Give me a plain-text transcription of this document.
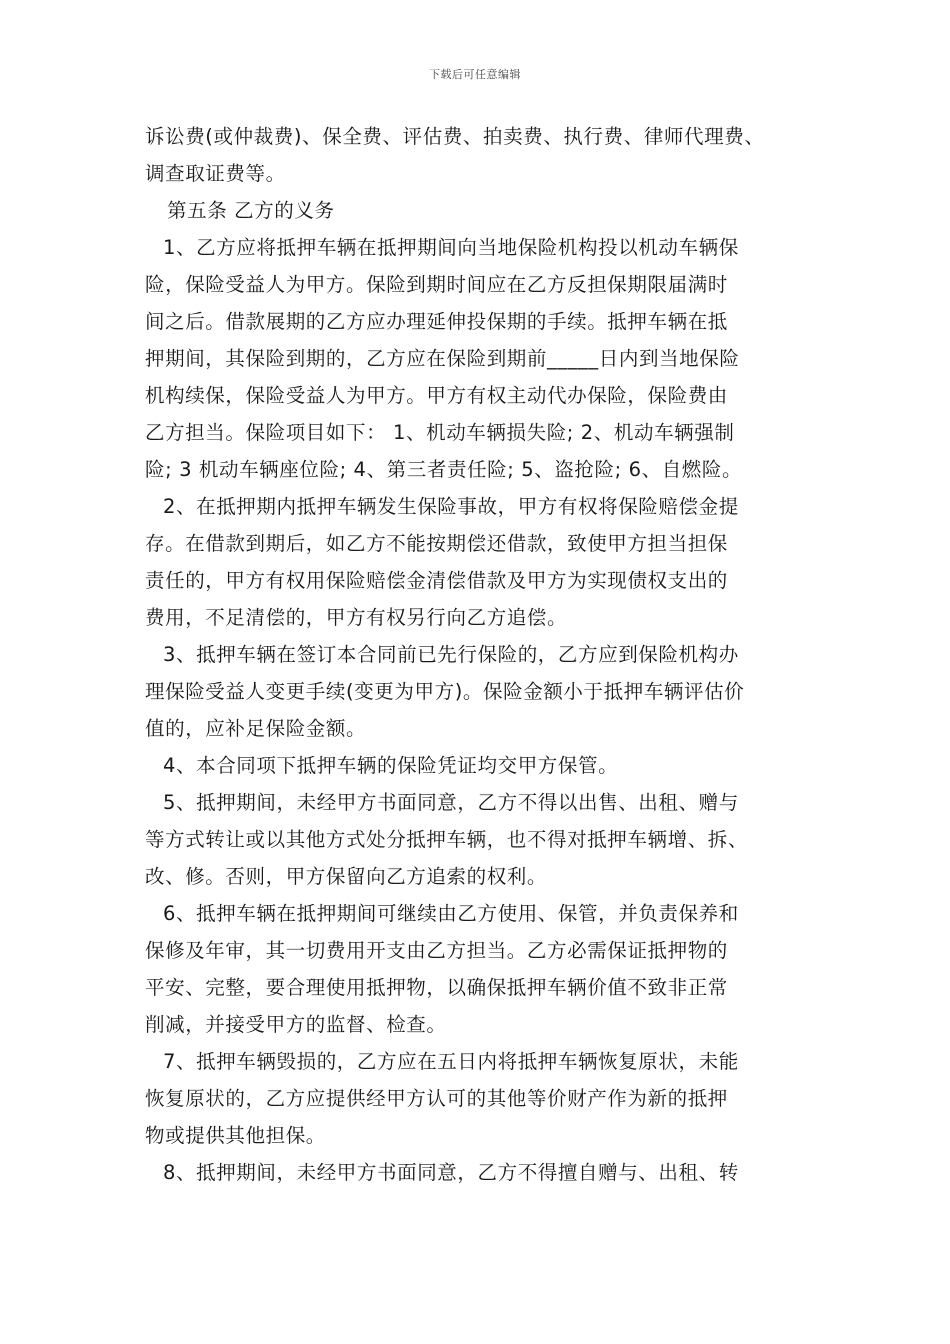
下载后可任意编辑
诉讼费(或仲裁费)、保全费、评估费、拍卖费、执行费、律师代理费、
调查取证费等。
第五条 乙方的义务
1、乙方应将抵押车辆在抵押期间向当地保险机构投以机动车辆保
险，保险受益人为甲方。保险到期时间应在乙方反担保期限届满时
间之后。借款展期的乙方应办理延伸投保期的手续。抵押车辆在抵
押期间，其保险到期的，乙方应在保险到期前_____日内到当地保险
机构续保，保险受益人为甲方。甲方有权主动代办保险，保险费由
乙方担当。保险项目如下： 1、机动车辆损失险; 2、机动车辆强制
险; 3 机动车辆座位险; 4、第三者责任险; 5、盗抢险; 6、自燃险。
2、在抵押期内抵押车辆发生保险事故，甲方有权将保险赔偿金提
存。在借款到期后，如乙方不能按期偿还借款，致使甲方担当担保
责任的，甲方有权用保险赔偿金清偿借款及甲方为实现债权支出的
费用，不足清偿的，甲方有权另行向乙方追偿。
3、抵押车辆在签订本合同前已先行保险的，乙方应到保险机构办
理保险受益人变更手续(变更为甲方)。保险金额小于抵押车辆评估价
值的，应补足保险金额。
4、本合同项下抵押车辆的保险凭证均交甲方保管。
5、抵押期间，未经甲方书面同意，乙方不得以出售、出租、赠与
等方式转让或以其他方式处分抵押车辆，也不得对抵押车辆增、拆、
改、修。否则，甲方保留向乙方追索的权利。
6、抵押车辆在抵押期间可继续由乙方使用、保管，并负责保养和
保修及年审，其一切费用开支由乙方担当。乙方必需保证抵押物的
平安、完整，要合理使用抵押物，以确保抵押车辆价值不致非正常
削减，并接受甲方的监督、检查。
7、抵押车辆毁损的，乙方应在五日内将抵押车辆恢复原状，未能
恢复原状的，乙方应提供经甲方认可的其他等价财产作为新的抵押
物或提供其他担保。
8、抵押期间，未经甲方书面同意，乙方不得擅自赠与、出租、转
